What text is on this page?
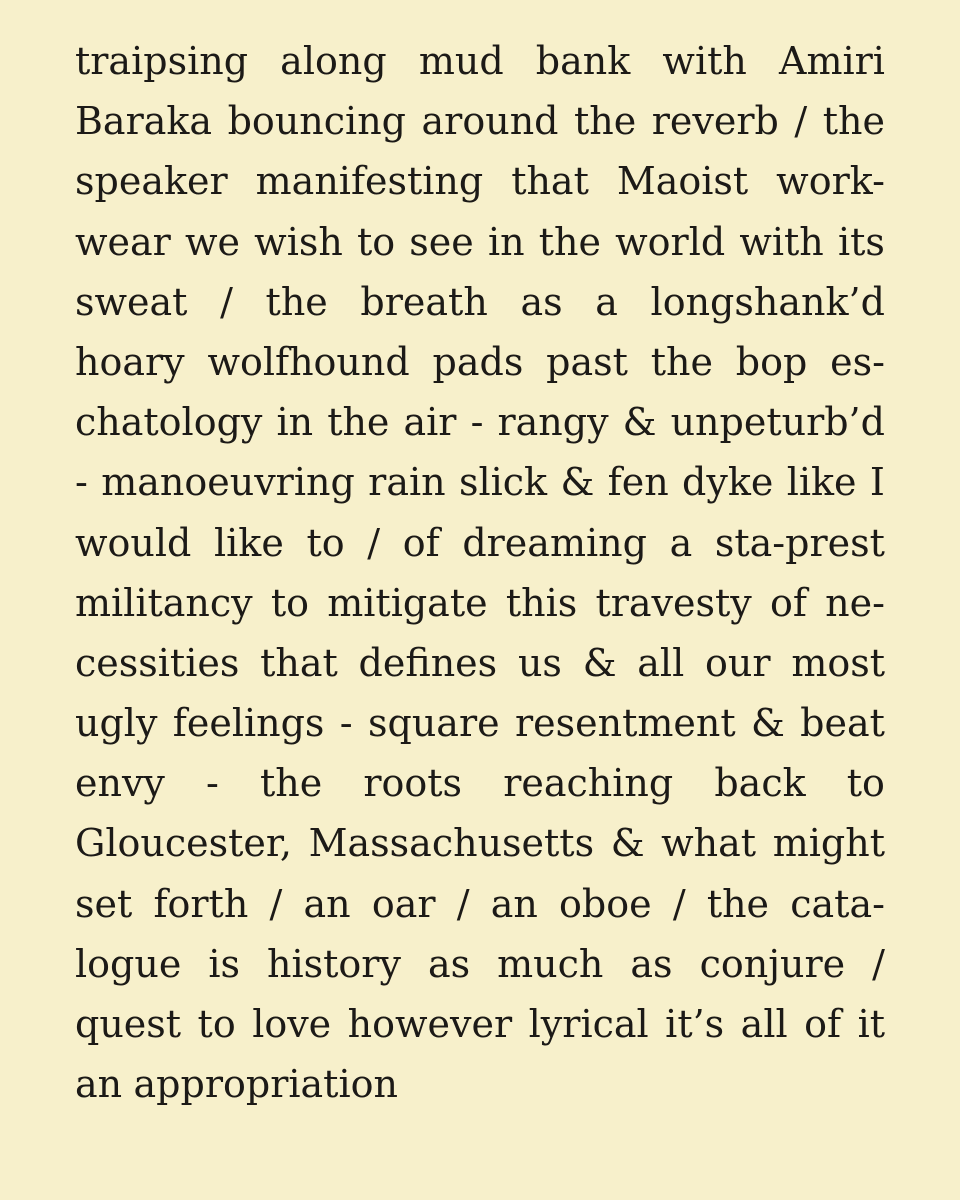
traipsing along mud bank with Amiri
Baraka bouncing around the reverb / the
speaker manifesting that Maoist work-
wear we wish to see in the world with its
sweat / the breath as a longshank’d
hoary wolfhound pads past the bop es-
chatology in the air - rangy & unpeturb’d
- manoeuvring rain slick & fen dyke like I
would like to / of dreaming a sta-prest
militancy to mitigate this travesty of ne-
cessities that defines us & all our most
ugly feelings - square resentment & beat
envy - the roots reaching back to
Gloucester, Massachusetts & what might
set forth / an oar / an oboe / the cata-
logue is history as much as conjure /
quest to love however lyrical it’s all of it
an appropriation
